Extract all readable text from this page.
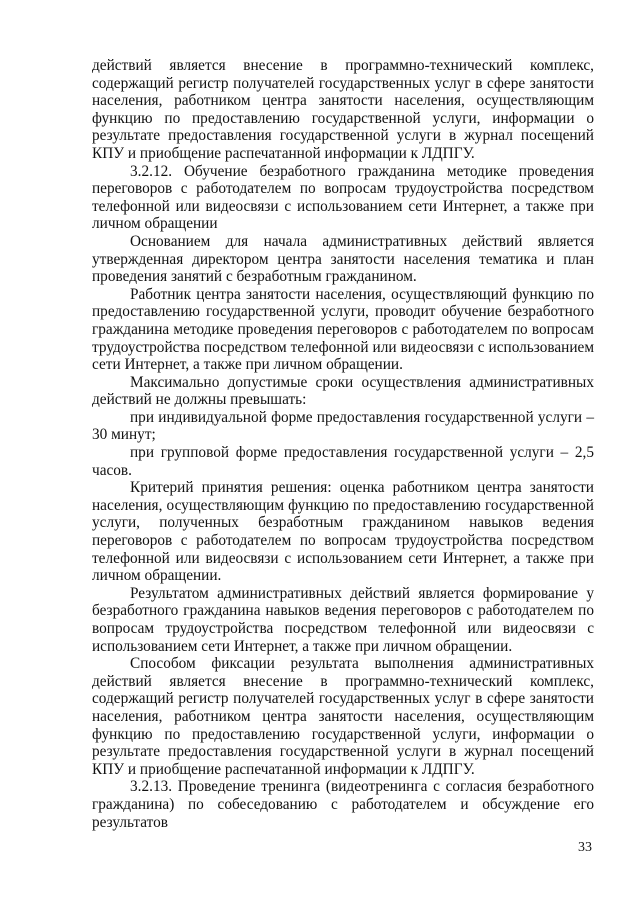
действий является внесение в программно-технический комплекс, содержащий регистр получателей государственных услуг в сфере занятости населения, работником центра занятости населения, осуществляющим функцию по предоставлению государственной услуги, информации о результате предоставления государственной услуги в журнал посещений КПУ и приобщение распечатанной информации к ЛДПГУ.

3.2.12. Обучение безработного гражданина методике проведения переговоров с работодателем по вопросам трудоустройства посредством телефонной или видеосвязи с использованием сети Интернет, а также при личном обращении

Основанием для начала административных действий является утвержденная директором центра занятости населения тематика и план проведения занятий с безработным гражданином.

Работник центра занятости населения, осуществляющий функцию по предоставлению государственной услуги, проводит обучение безработного гражданина методике проведения переговоров с работодателем по вопросам трудоустройства посредством телефонной или видеосвязи с использованием сети Интернет, а также при личном обращении.

Максимально допустимые сроки осуществления административных действий не должны превышать:

при индивидуальной форме предоставления государственной услуги – 30 минут;

при групповой форме предоставления государственной услуги – 2,5 часов.

Критерий принятия решения: оценка работником центра занятости населения, осуществляющим функцию по предоставлению государственной услуги, полученных безработным гражданином навыков ведения переговоров с работодателем по вопросам трудоустройства посредством телефонной или видеосвязи с использованием сети Интернет, а также при личном обращении.

Результатом административных действий является формирование у безработного гражданина навыков ведения переговоров с работодателем по вопросам трудоустройства посредством телефонной или видеосвязи с использованием сети Интернет, а также при личном обращении.

Способом фиксации результата выполнения административных действий является внесение в программно-технический комплекс, содержащий регистр получателей государственных услуг в сфере занятости населения, работником центра занятости населения, осуществляющим функцию по предоставлению государственной услуги, информации о результате предоставления государственной услуги в журнал посещений КПУ и приобщение распечатанной информации к ЛДПГУ.

3.2.13. Проведение тренинга (видеотренинга с согласия безработного гражданина) по собеседованию с работодателем и обсуждение его результатов

33
